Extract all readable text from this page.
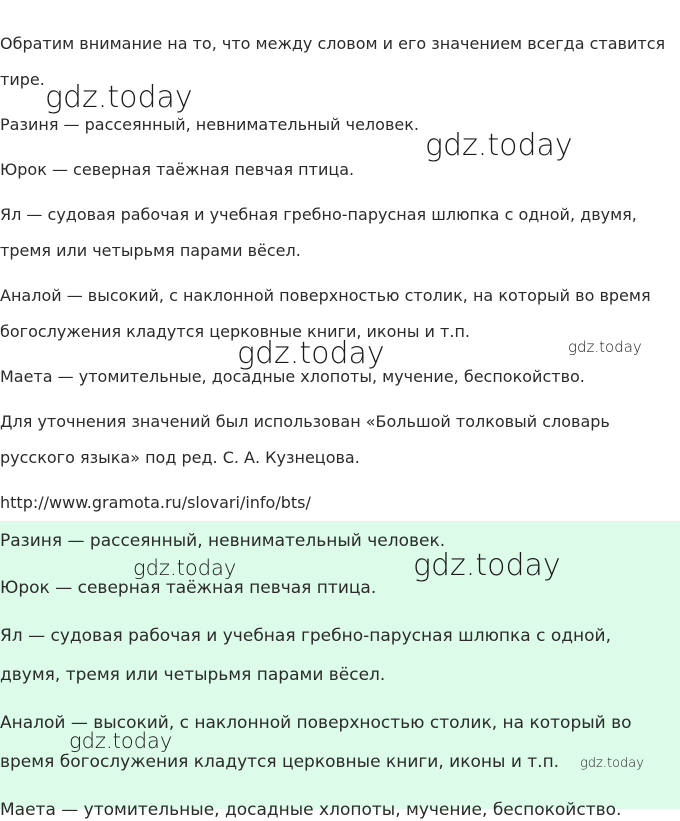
Обратим внимание на то, что между словом и его значением всегда ставится
тире.
Разиня — рассеянный, невнимательный человек.
Юрок — северная таёжная певчая птица.
Ял — судовая рабочая и учебная гребно-парусная шлюпка с одной, двумя,
тремя или четырьмя парами вёсел.
Аналой — высокий, с наклонной поверхностью столик, на который во время
богослужения кладутся церковные книги, иконы и т.п.
Маета — утомительные, досадные хлопоты, мучение, беспокойство.
Для уточнения значений был использован «Большой толковый словарь
русского языка» под ред. С. А. Кузнецова.
http://www.gramota.ru/slovari/info/bts/
Разиня — рассеянный, невнимательный человек.
Юрок — северная таёжная певчая птица.
Ял — судовая рабочая и учебная гребно-парусная шлюпка с одной,
двумя, тремя или четырьмя парами вёсел.
Аналой — высокий, с наклонной поверхностью столик, на который во
время богослужения кладутся церковные книги, иконы и т.п.
Маета — утомительные, досадные хлопоты, мучение, беспокойство.
gdz.today
gdz.today
gdz.today	gdz.today
gdz.today	gdz.today
gdz.today
gdz.today
